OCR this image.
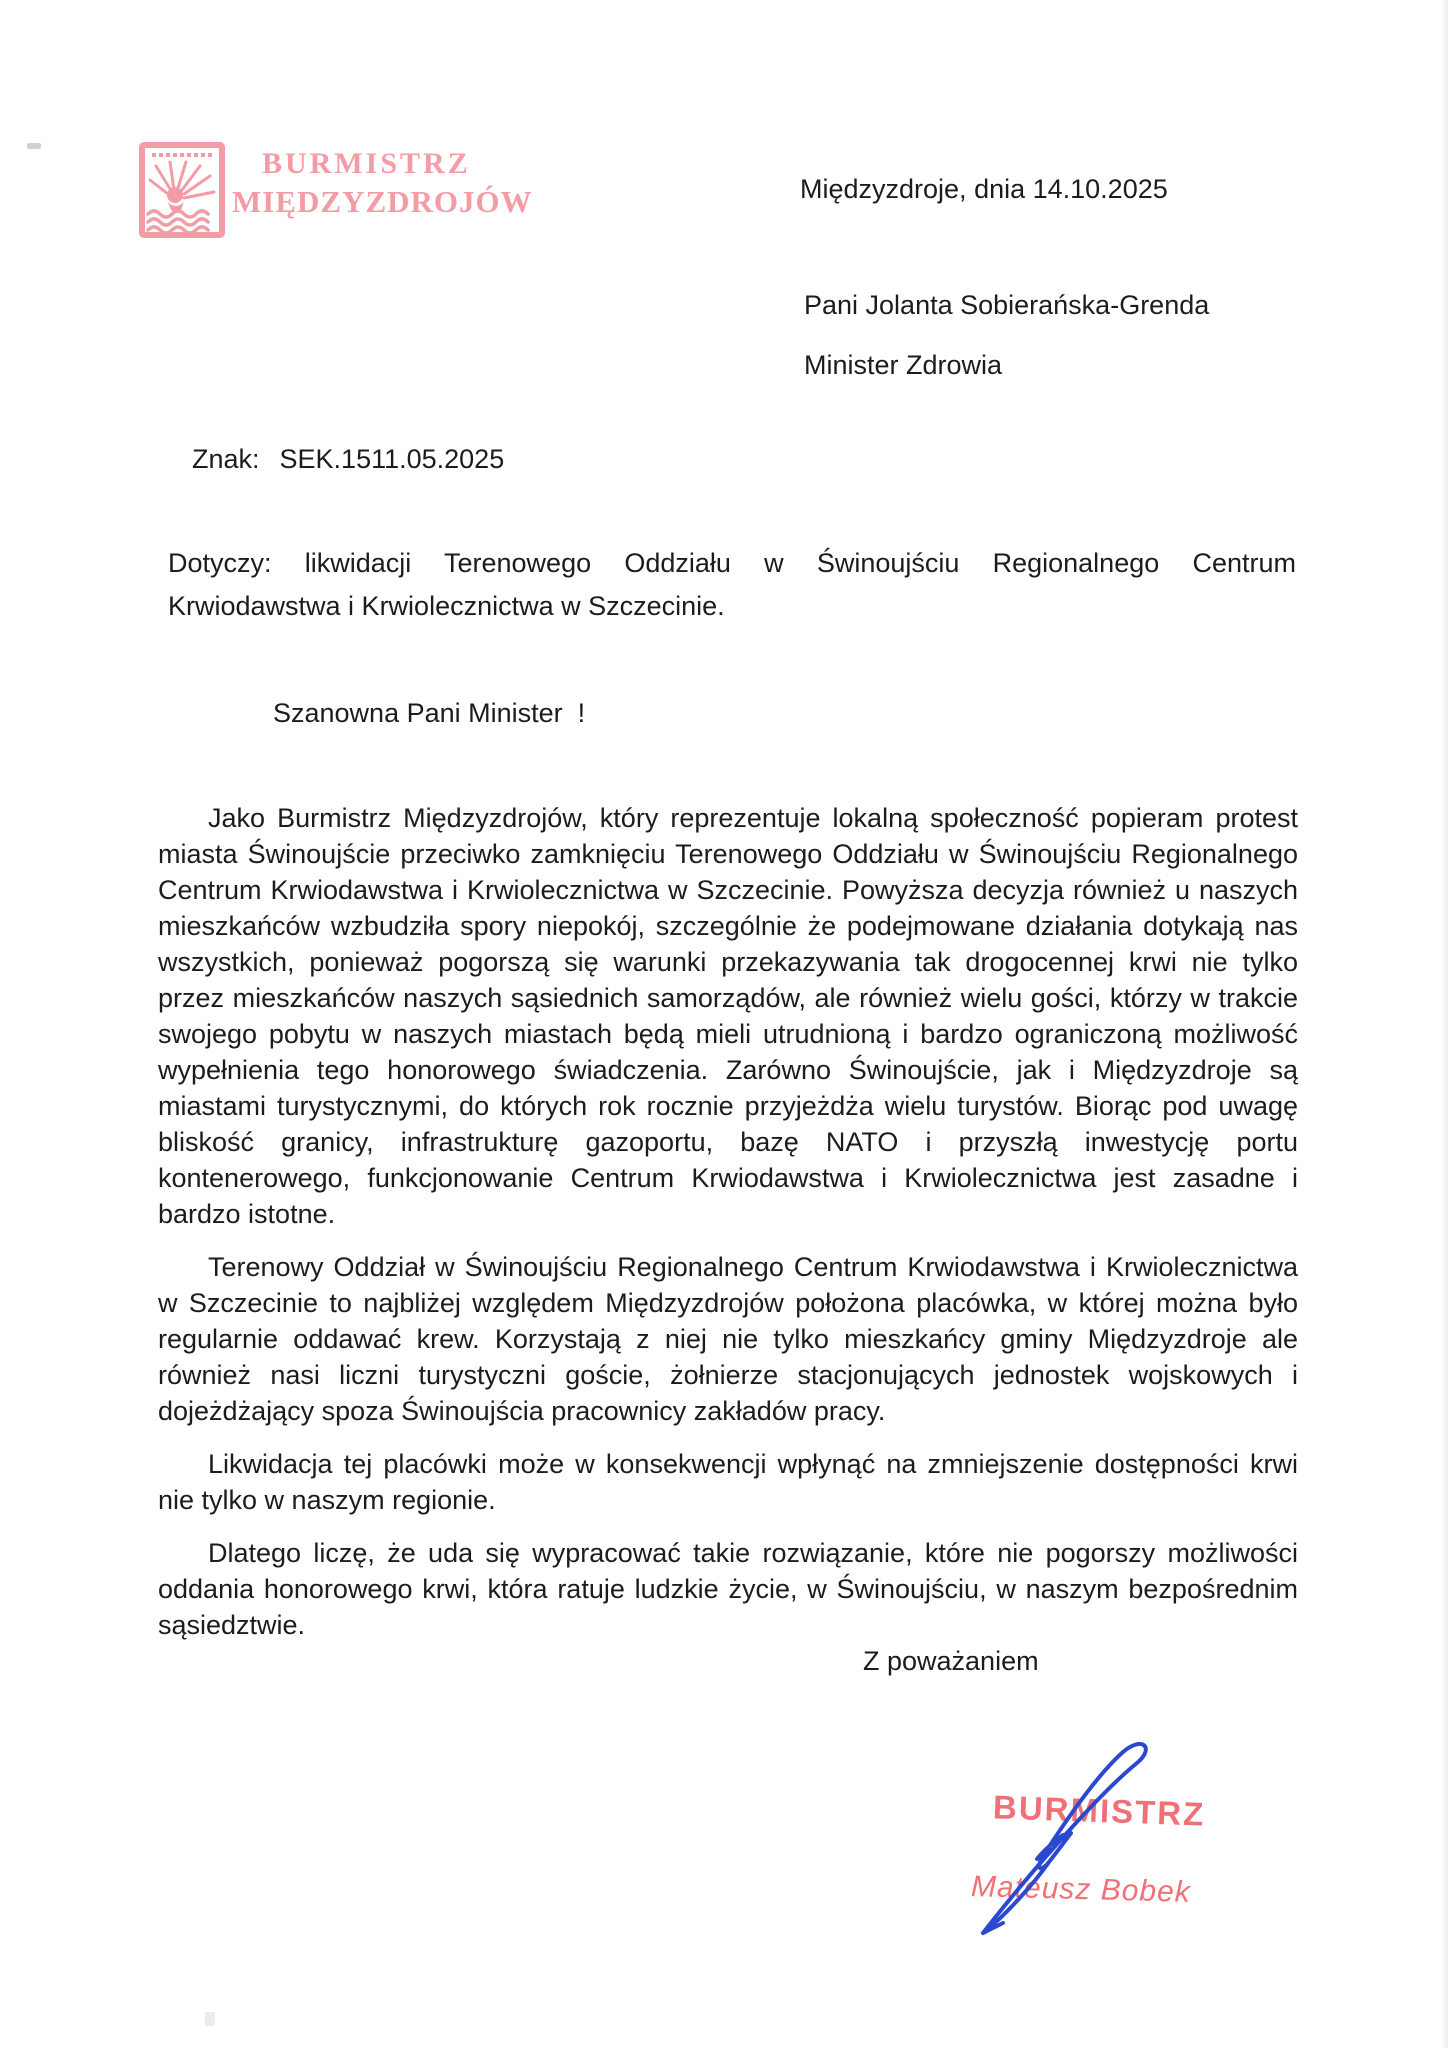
BURMISTRZ
MIĘDZYZDROJÓW	Międzyzdroje, dnia 14.10.2025
Pani Jolanta Sobierańska-Grenda
Minister Zdrowia
Znak: SEK.1511.05.2025

Dotyczy: likwidacji Terenowego Oddziału w Świnoujściu Regionalnego Centrum Krwiodawstwa i Krwiolecznictwa w Szczecinie.

Szanowna Pani Minister  !

Jako Burmistrz Międzyzdrojów, który reprezentuje lokalną społeczność popieram protest miasta Świnoujście przeciwko zamknięciu Terenowego Oddziału w Świnoujściu Regionalnego Centrum Krwiodawstwa i Krwiolecznictwa w Szczecinie. Powyższa decyzja również u naszych mieszkańców wzbudziła spory niepokój, szczególnie że podejmowane działania dotykają nas wszystkich, ponieważ pogorszą się warunki przekazywania tak drogocennej krwi nie tylko przez mieszkańców naszych sąsiednich samorządów, ale również wielu gości, którzy w trakcie swojego pobytu w naszych miastach będą mieli utrudnioną i bardzo ograniczoną możliwość wypełnienia tego honorowego świadczenia. Zarówno Świnoujście, jak i Międzyzdroje są miastami turystycznymi, do których rok rocznie przyjeżdża wielu turystów. Biorąc pod uwagę bliskość granicy, infrastrukturę gazoportu, bazę NATO i przyszłą inwestycję portu kontenerowego, funkcjonowanie Centrum Krwiodawstwa i Krwiolecznictwa jest zasadne i bardzo istotne.

Terenowy Oddział w Świnoujściu Regionalnego Centrum Krwiodawstwa i Krwiolecznictwa w Szczecinie to najbliżej względem Międzyzdrojów położona placówka, w której można było regularnie oddawać krew. Korzystają z niej nie tylko mieszkańcy gminy Międzyzdroje ale również nasi liczni turystyczni goście, żołnierze stacjonujących jednostek wojskowych i dojeżdżający spoza Świnoujścia pracownicy zakładów pracy.

Likwidacja tej placówki może w konsekwencji wpłynąć na zmniejszenie dostępności krwi nie tylko w naszym regionie.

Dlatego liczę, że uda się wypracować takie rozwiązanie, które nie pogorszy możliwości oddania honorowego krwi, która ratuje ludzkie życie, w Świnoujściu, w naszym bezpośrednim sąsiedztwie.

Z poważaniem
BURMISTRZ
Mateusz Bobek
